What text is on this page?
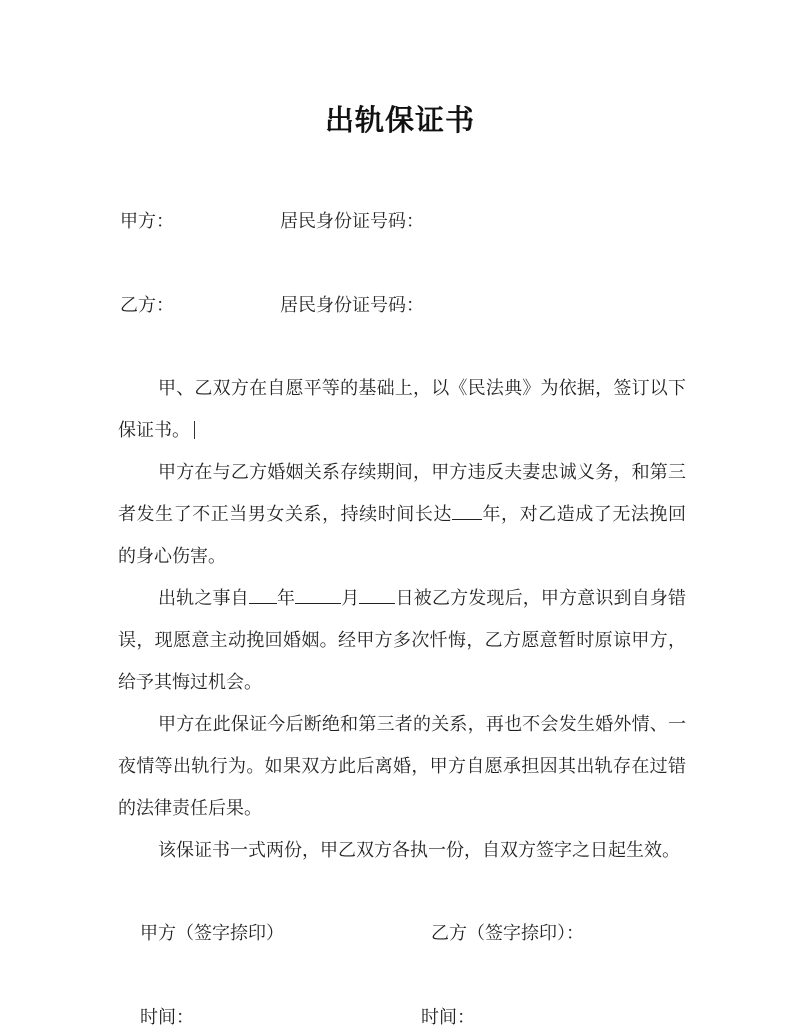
出轨保证书
甲方：	居民身份证号码：
乙方：	居民身份证号码：

甲、乙双方在自愿平等的基础上，以《民法典》为依据，签订以下保证书。

甲方在与乙方婚姻关系存续期间，甲方违反夫妻忠诚义务，和第三者发生了不正当男女关系，持续时间长达 年，对乙造成了无法挽回的身心伤害。

出轨之事自 年	月 日被乙方发现后，甲方意识到自身错误，现愿意主动挽回婚姻。经甲方多次忏悔，乙方愿意暂时原谅甲方，给予其悔过机会。

甲方在此保证今后断绝和第三者的关系，再也不会发生婚外情、一夜情等出轨行为。如果双方此后离婚，甲方自愿承担因其出轨存在过错的法律责任后果。

该保证书一式两份，甲乙双方各执一份，自双方签字之日起生效。

甲方（签字捺印）	乙方（签字捺印）：
时间：	时间：
